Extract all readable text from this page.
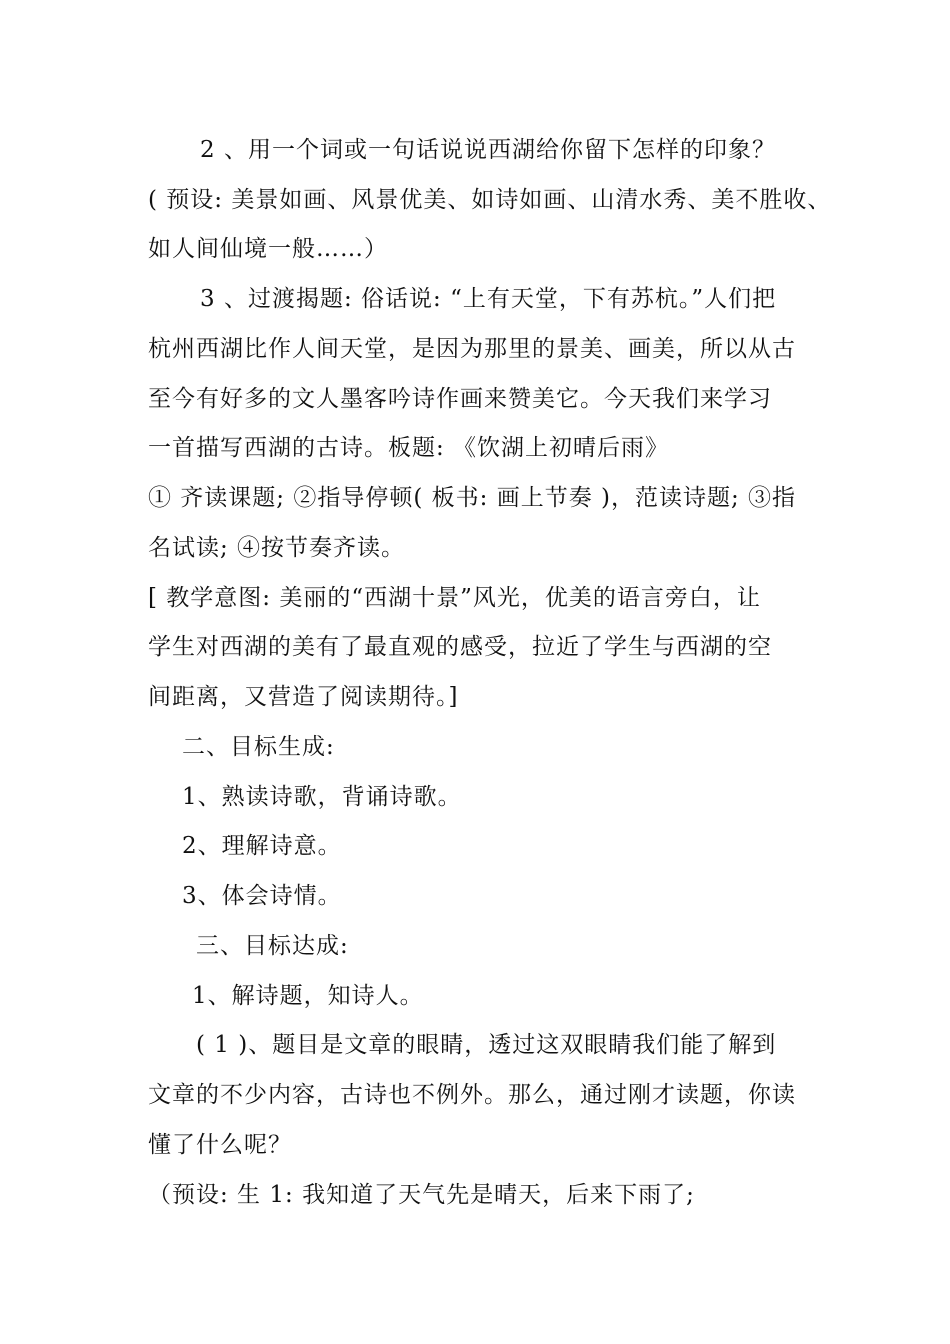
2 、用一个词或一句话说说西湖给你留下怎样的印象？
( 预设: 美景如画、风景优美、如诗如画、山清水秀、美不胜收、
如人间仙境一般……）
3 、过渡揭题: 俗话说: “上有天堂，下有苏杭。”人们把
杭州西湖比作人间天堂，是因为那里的景美、画美，所以从古
至今有好多的文人墨客吟诗作画来赞美它。今天我们来学习
一首描写西湖的古诗。板题: 《饮湖上初晴后雨》
① 齐读课题; ②指导停顿( 板书: 画上节奏 )，范读诗题; ③指
名试读; ④按节奏齐读。
[ 教学意图: 美丽的“西湖十景”风光，优美的语言旁白，让
学生对西湖的美有了最直观的感受，拉近了学生与西湖的空
间距离，又营造了阅读期待。]
二、目标生成:
1、熟读诗歌，背诵诗歌。
2、理解诗意。
3、体会诗情。
三、目标达成:
1、解诗题，知诗人。
( 1 )、题目是文章的眼睛，透过这双眼睛我们能了解到
文章的不少内容，古诗也不例外。那么，通过刚才读题，你读
懂了什么呢？
（预设: 生 1: 我知道了天气先是晴天，后来下雨了;
